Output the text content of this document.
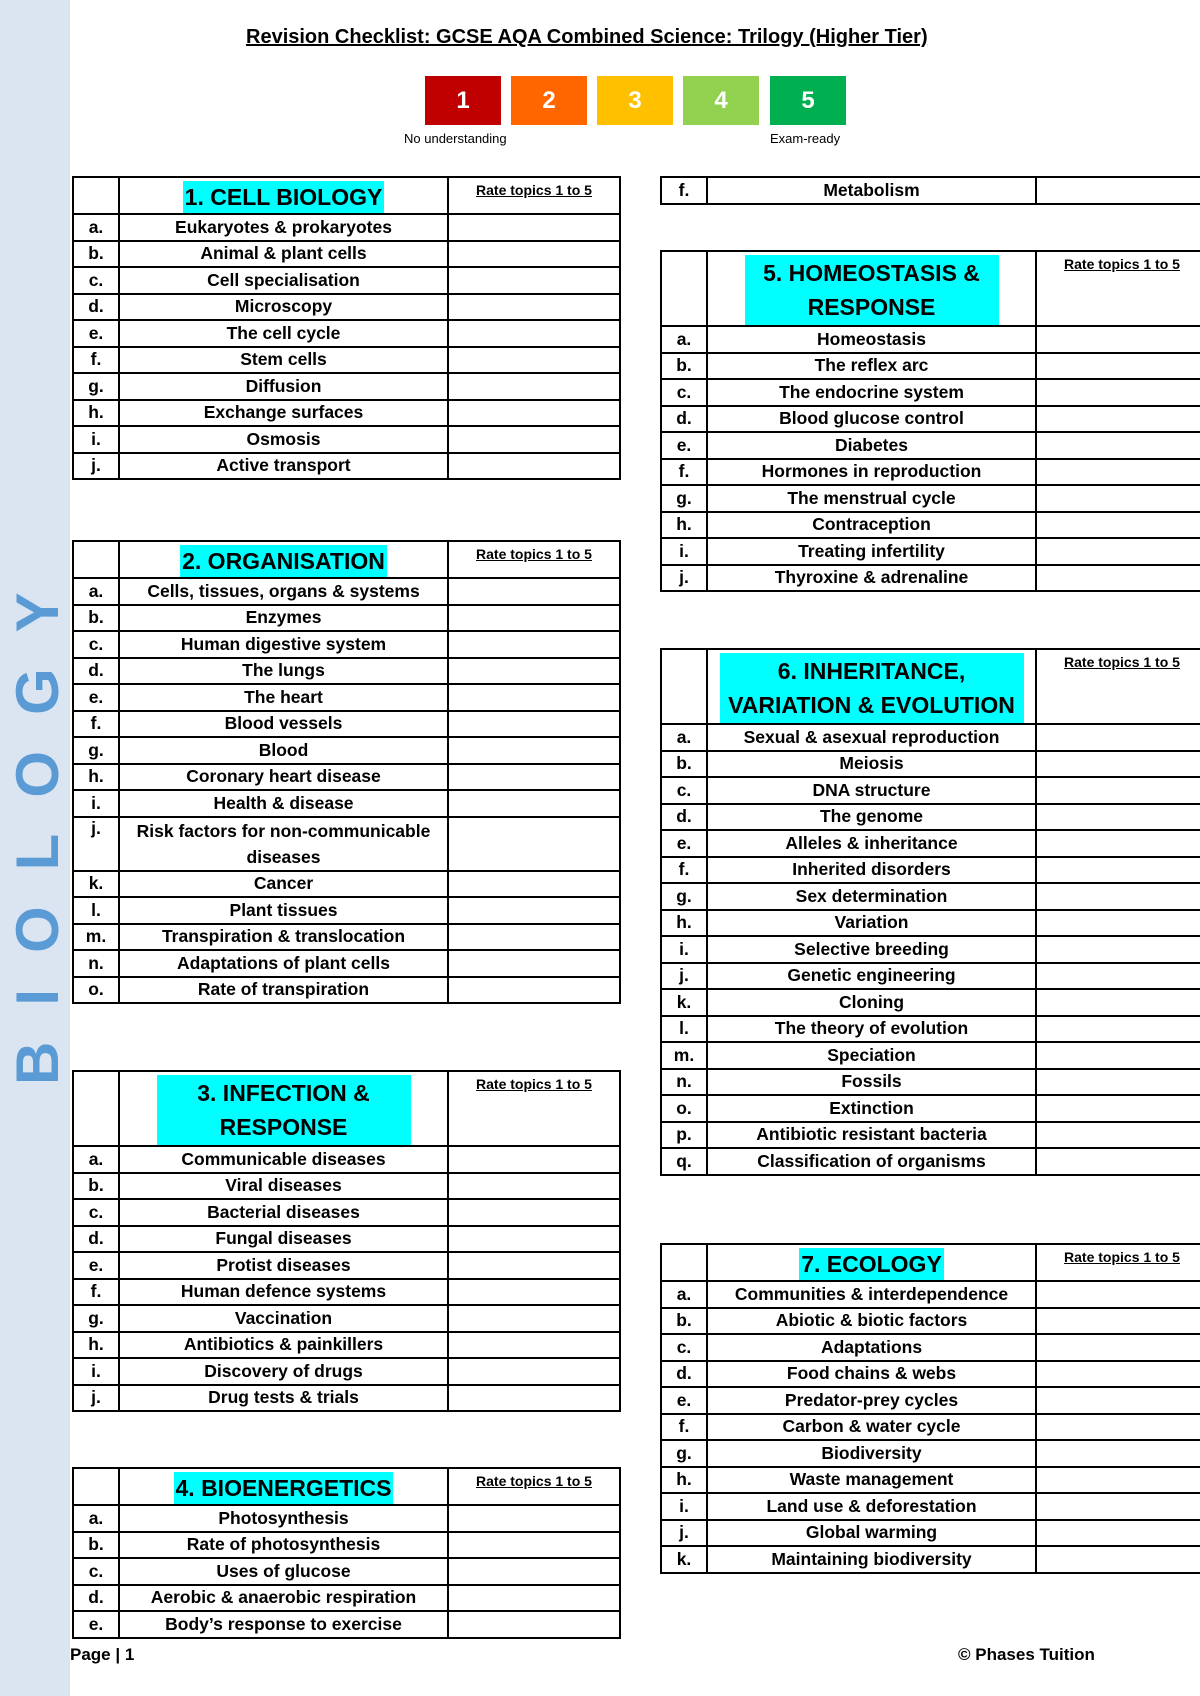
BIOLOGY
Revision Checklist: GCSE AQA Combined Science: Trilogy (Higher Tier)
1	2	3	4	5
No understanding	Exam-ready
	1. CELL BIOLOGY	Rate topics 1 to 5

a.	Eukaryotes & prokaryotes	
b.	Animal & plant cells	
c.	Cell specialisation	
d.	Microscopy	
e.	The cell cycle	
f.	Stem cells	
g.	Diffusion	
h.	Exchange surfaces	
i.	Osmosis	
j.	Active transport	
	2. ORGANISATION	Rate topics 1 to 5

a.	Cells, tissues, organs & systems	
b.	Enzymes	
c.	Human digestive system	
d.	The lungs	
e.	The heart	
f.	Blood vessels	
g.	Blood	
h.	Coronary heart disease	
i.	Health & disease	
j.	Risk factors for non-communicable diseases	
k.	Cancer	
l.	Plant tissues	
m.	Transpiration & translocation	
n.	Adaptations of plant cells	
o.	Rate of transpiration	
	3. INFECTION & RESPONSE	Rate topics 1 to 5

a.	Communicable diseases	
b.	Viral diseases	
c.	Bacterial diseases	
d.	Fungal diseases	
e.	Protist diseases	
f.	Human defence systems	
g.	Vaccination	
h.	Antibiotics & painkillers	
i.	Discovery of drugs	
j.	Drug tests & trials	
	4. BIOENERGETICS	Rate topics 1 to 5

a.	Photosynthesis	
b.	Rate of photosynthesis	
c.	Uses of glucose	
d.	Aerobic & anaerobic respiration	
e.	Body’s response to exercise	
f.	Metabolism	
	5. HOMEOSTASIS & RESPONSE	Rate topics 1 to 5

a.	Homeostasis	
b.	The reflex arc	
c.	The endocrine system	
d.	Blood glucose control	
e.	Diabetes	
f.	Hormones in reproduction	
g.	The menstrual cycle	
h.	Contraception	
i.	Treating infertility	
j.	Thyroxine & adrenaline	
	6. INHERITANCE, VARIATION & EVOLUTION	Rate topics 1 to 5

a.	Sexual & asexual reproduction	
b.	Meiosis	
c.	DNA structure	
d.	The genome	
e.	Alleles & inheritance	
f.	Inherited disorders	
g.	Sex determination	
h.	Variation	
i.	Selective breeding	
j.	Genetic engineering	
k.	Cloning	
l.	The theory of evolution	
m.	Speciation	
n.	Fossils	
o.	Extinction	
p.	Antibiotic resistant bacteria	
q.	Classification of organisms	
	7. ECOLOGY	Rate topics 1 to 5

a.	Communities & interdependence	
b.	Abiotic & biotic factors	
c.	Adaptations	
d.	Food chains & webs	
e.	Predator-prey cycles	
f.	Carbon & water cycle	
g.	Biodiversity	
h.	Waste management	
i.	Land use & deforestation	
j.	Global warming	
k.	Maintaining biodiversity	
Page | 1	© Phases Tuition
